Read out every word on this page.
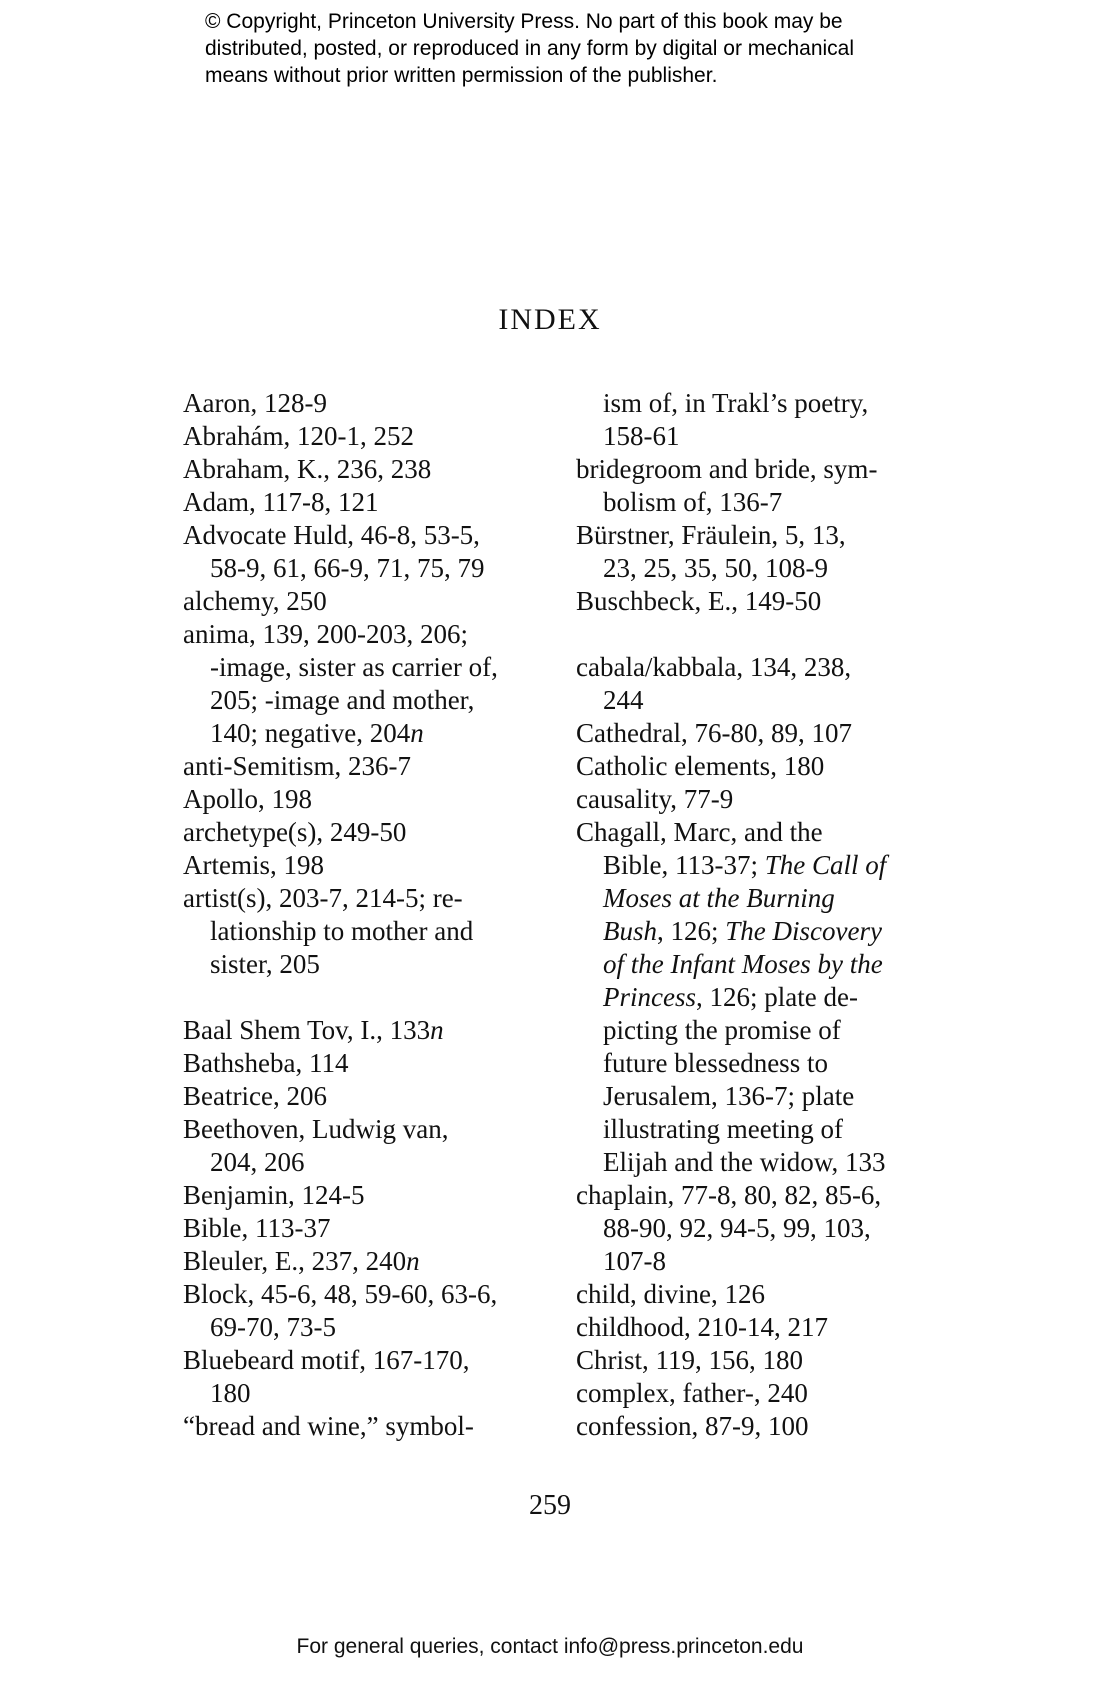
© Copyright, Princeton University Press. No part of this book may be
distributed, posted, or reproduced in any form by digital or mechanical
means without prior written permission of the publisher.
INDEX
Aaron, 128-9
Abrahám, 120-1, 252
Abraham, K., 236, 238
Adam, 117-8, 121
Advocate Huld, 46-8, 53-5,
58-9, 61, 66-9, 71, 75, 79
alchemy, 250
anima, 139, 200-203, 206;
-image, sister as carrier of,
205; -image and mother,
140; negative, 204n
anti-Semitism, 236-7
Apollo, 198
archetype(s), 249-50
Artemis, 198
artist(s), 203-7, 214-5; re-
lationship to mother and
sister, 205
Baal Shem Tov, I., 133n
Bathsheba, 114
Beatrice, 206
Beethoven, Ludwig van,
204, 206
Benjamin, 124-5
Bible, 113-37
Bleuler, E., 237, 240n
Block, 45-6, 48, 59-60, 63-6,
69-70, 73-5
Bluebeard motif, 167-170,
180
“bread and wine,” symbol-
ism of, in Trakl’s poetry,
158-61
bridegroom and bride, sym-
bolism of, 136-7
Bürstner, Fräulein, 5, 13,
23, 25, 35, 50, 108-9
Buschbeck, E., 149-50
cabala/kabbala, 134, 238,
244
Cathedral, 76-80, 89, 107
Catholic elements, 180
causality, 77-9
Chagall, Marc, and the
Bible, 113-37; The Call of
Moses at the Burning
Bush, 126; The Discovery
of the Infant Moses by the
Princess, 126; plate de-
picting the promise of
future blessedness to
Jerusalem, 136-7; plate
illustrating meeting of
Elijah and the widow, 133
chaplain, 77-8, 80, 82, 85-6,
88-90, 92, 94-5, 99, 103,
107-8
child, divine, 126
childhood, 210-14, 217
Christ, 119, 156, 180
complex, father-, 240
confession, 87-9, 100
259
For general queries, contact info@press.princeton.edu
